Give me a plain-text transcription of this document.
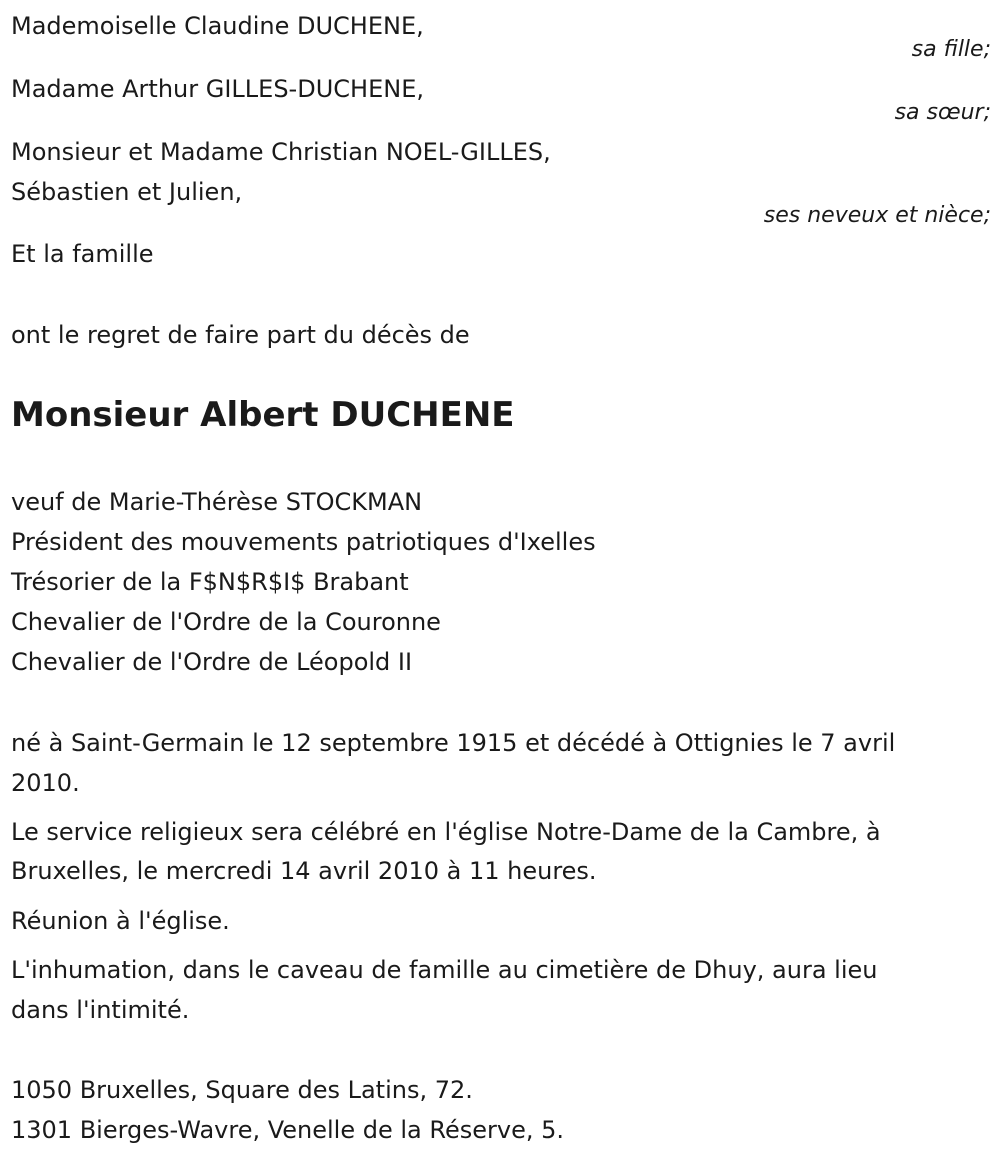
Mademoiselle Claudine DUCHENE,
sa fille;
Madame Arthur GILLES-DUCHENE,
sa sœur;
Monsieur et Madame Christian NOEL-GILLES,
Sébastien et Julien,
ses neveux et nièce;
Et la famille
ont le regret de faire part du décès de
Monsieur Albert DUCHENE
veuf de Marie-Thérèse STOCKMAN
Président des mouvements patriotiques d'Ixelles
Trésorier de la F$N$R$I$ Brabant
Chevalier de l'Ordre de la Couronne
Chevalier de l'Ordre de Léopold II
né à Saint-Germain le 12 septembre 1915 et décédé à Ottignies le 7 avril
2010.
Le service religieux sera célébré en l'église Notre-Dame de la Cambre, à
Bruxelles, le mercredi 14 avril 2010 à 11 heures.
Réunion à l'église.
L'inhumation, dans le caveau de famille au cimetière de Dhuy, aura lieu
dans l'intimité.
1050 Bruxelles, Square des Latins, 72.
1301 Bierges-Wavre, Venelle de la Réserve, 5.
